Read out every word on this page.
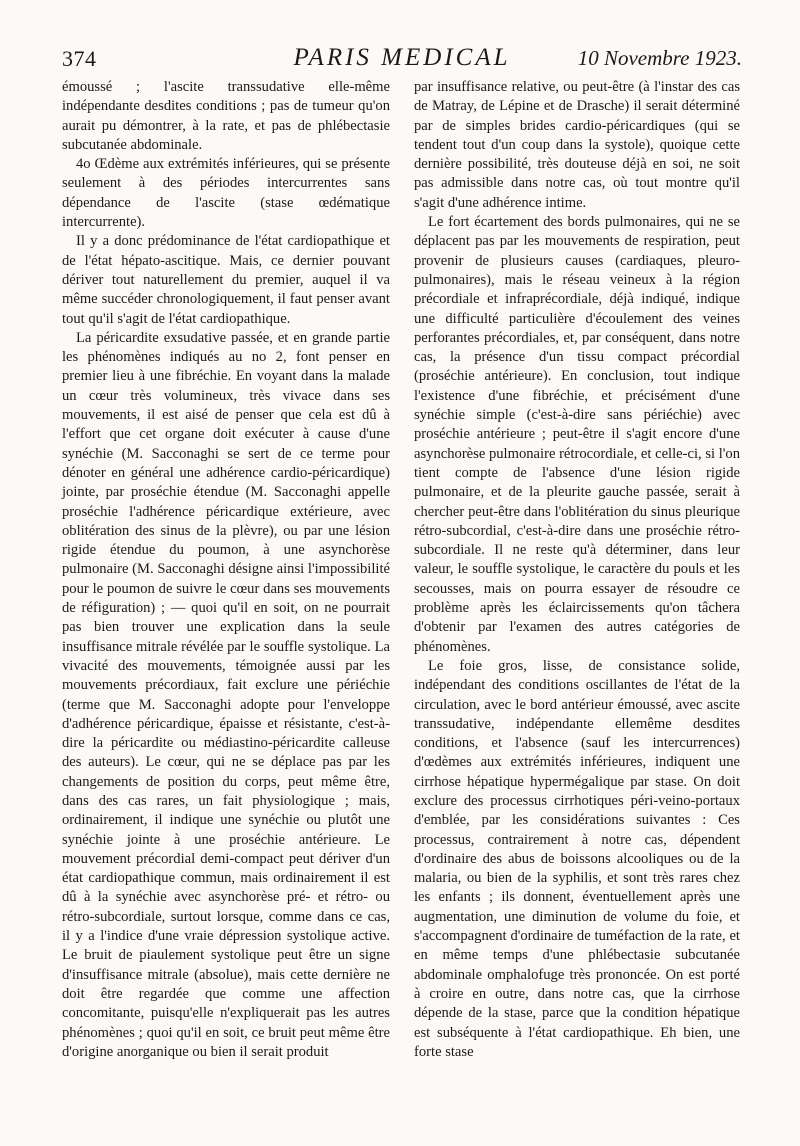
374	PARIS MEDICAL	10 Novembre 1923.

émoussé ; l'ascite transsudative elle-même indépendante desdites conditions ; pas de tumeur qu'on aurait pu démontrer, à la rate, et pas de phlébectasie subcutanée abdominale.

4o Œdème aux extrémités inférieures, qui se présente seulement à des périodes intercurrentes sans dépendance de l'ascite (stase œdématique intercurrente).

Il y a donc prédominance de l'état cardiopathique et de l'état hépato-ascitique. Mais, ce dernier pouvant dériver tout naturellement du premier, auquel il va même succéder chronologiquement, il faut penser avant tout qu'il s'agit de l'état cardiopathique.

La péricardite exsudative passée, et en grande partie les phénomènes indiqués au no 2, font penser en premier lieu à une fibréchie. En voyant dans la malade un cœur très volumineux, très vivace dans ses mouvements, il est aisé de penser que cela est dû à l'effort que cet organe doit exécuter à cause d'une synéchie (M. Sacconaghi se sert de ce terme pour dénoter en général une adhérence cardio-péricardique) jointe, par proséchie étendue (M. Sacconaghi appelle proséchie l'adhérence péricardique extérieure, avec oblitération des sinus de la plèvre), ou par une lésion rigide étendue du poumon, à une asynchorèse pulmonaire (M. Sacconaghi désigne ainsi l'impossibilité pour le poumon de suivre le cœur dans ses mouvements de réfiguration) ; — quoi qu'il en soit, on ne pourrait pas bien trouver une explication dans la seule insuffisance mitrale révélée par le souffle systolique. La vivacité des mouvements, témoignée aussi par les mouvements précordiaux, fait exclure une périéchie (terme que M. Sacconaghi adopte pour l'enveloppe d'adhérence péricardique, épaisse et résistante, c'est-à-dire la péricardite ou médiastino-péricardite calleuse des auteurs). Le cœur, qui ne se déplace pas par les changements de position du corps, peut même être, dans des cas rares, un fait physiologique ; mais, ordinairement, il indique une synéchie ou plutôt une synéchie jointe à une proséchie antérieure. Le mouvement précordial demi-compact peut dériver d'un état cardiopathique commun, mais ordinairement il est dû à la synéchie avec asynchorèse pré- et rétro- ou rétro-subcordiale, surtout lorsque, comme dans ce cas, il y a l'indice d'une vraie dépression systolique active. Le bruit de piaulement systolique peut être un signe d'insuffisance mitrale (absolue), mais cette dernière ne doit être regardée que comme une affection concomitante, puisqu'elle n'expliquerait pas les autres phénomènes ; quoi qu'il en soit, ce bruit peut même être d'origine anorganique ou bien il serait produit

par insuffisance relative, ou peut-être (à l'instar des cas de Matray, de Lépine et de Drasche) il serait déterminé par de simples brides cardio-péricardiques (qui se tendent tout d'un coup dans la systole), quoique cette dernière possibilité, très douteuse déjà en soi, ne soit pas admissible dans notre cas, où tout montre qu'il s'agit d'une adhérence intime.

Le fort écartement des bords pulmonaires, qui ne se déplacent pas par les mouvements de respiration, peut provenir de plusieurs causes (cardiaques, pleuro-pulmonaires), mais le réseau veineux à la région précordiale et infraprécordiale, déjà indiqué, indique une difficulté particulière d'écoulement des veines perforantes précordiales, et, par conséquent, dans notre cas, la présence d'un tissu compact précordial (proséchie antérieure). En conclusion, tout indique l'existence d'une fibréchie, et précisément d'une synéchie simple (c'est-à-dire sans périéchie) avec proséchie antérieure ; peut-être il s'agit encore d'une asynchorèse pulmonaire rétrocordiale, et celle-ci, si l'on tient compte de l'absence d'une lésion rigide pulmonaire, et de la pleurite gauche passée, serait à chercher peut-être dans l'oblitération du sinus pleurique rétro-subcordial, c'est-à-dire dans une proséchie rétro-subcordiale. Il ne reste qu'à déterminer, dans leur valeur, le souffle systolique, le caractère du pouls et les secousses, mais on pourra essayer de résoudre ce problème après les éclaircissements qu'on tâchera d'obtenir par l'examen des autres catégories de phénomènes.

Le foie gros, lisse, de consistance solide, indépendant des conditions oscillantes de l'état de la circulation, avec le bord antérieur émoussé, avec ascite transsudative, indépendante ellemême desdites conditions, et l'absence (sauf les intercurrences) d'œdèmes aux extrémités inférieures, indiquent une cirrhose hépatique hypermégalique par stase. On doit exclure des processus cirrhotiques péri-veino-portaux d'emblée, par les considérations suivantes : Ces processus, contrairement à notre cas, dépendent d'ordinaire des abus de boissons alcooliques ou de la malaria, ou bien de la syphilis, et sont très rares chez les enfants ; ils donnent, éventuellement après une augmentation, une diminution de volume du foie, et s'accompagnent d'ordinaire de tuméfaction de la rate, et en même temps d'une phlébectasie subcutanée abdominale omphalofuge très prononcée. On est porté à croire en outre, dans notre cas, que la cirrhose dépende de la stase, parce que la condition hépatique est subséquente à l'état cardiopathique. Eh bien, une forte stase
